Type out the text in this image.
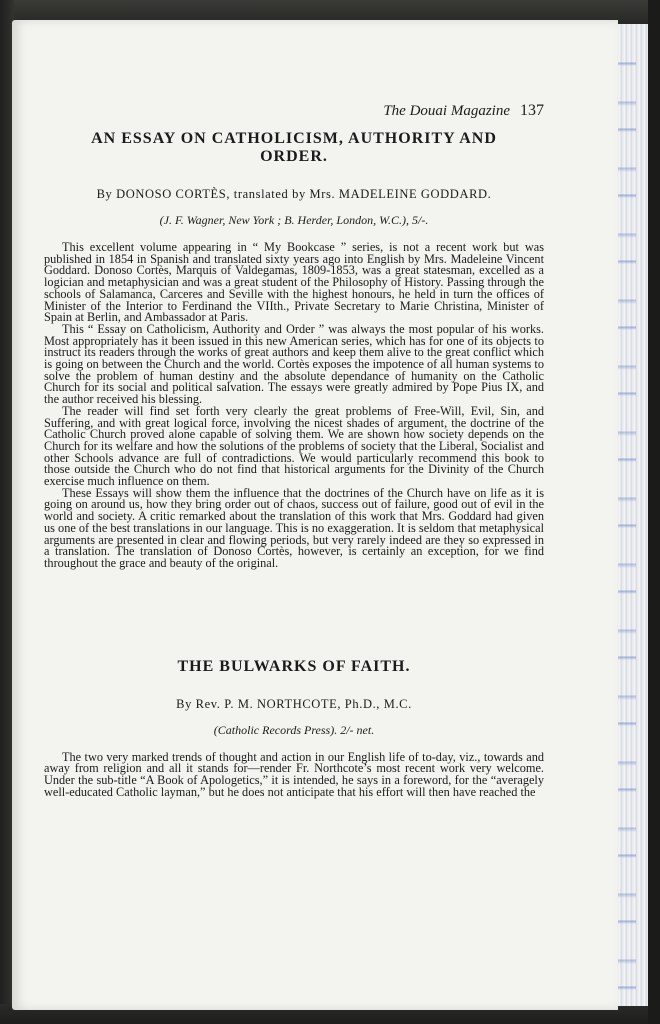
The Douai Magazine 137
AN ESSAY ON CATHOLICISM, AUTHORITY AND ORDER.
By DONOSO CORTÈS, translated by Mrs. MADELEINE GODDARD.
(J. F. Wagner, New York ; B. Herder, London, W.C.), 5/-.

This excellent volume appearing in “ My Bookcase ” series, is not a recent work but was published in 1854 in Spanish and translated sixty years ago into English by Mrs. Madeleine Vincent Goddard. Donoso Cortès, Marquis of Valdegamas, 1809-1853, was a great statesman, excelled as a logician and metaphysician and was a great student of the Philosophy of History. Passing through the schools of Salamanca, Carceres and Seville with the highest honours, he held in turn the offices of Minister of the Interior to Ferdinand the VIIth., Private Secretary to Marie Christina, Minister of Spain at Berlin, and Ambassador at Paris.

This “ Essay on Catholicism, Authority and Order ” was always the most popular of his works. Most appropriately has it been issued in this new American series, which has for one of its objects to instruct its readers through the works of great authors and keep them alive to the great conflict which is going on between the Church and the world. Cortès exposes the impotence of all human systems to solve the problem of human destiny and the absolute dependance of humanity on the Catholic Church for its social and political salvation. The essays were greatly admired by Pope Pius IX, and the author received his blessing.

The reader will find set forth very clearly the great problems of Free-Will, Evil, Sin, and Suffering, and with great logical force, involving the nicest shades of argument, the doctrine of the Catholic Church proved alone capable of solving them. We are shown how society depends on the Church for its welfare and how the solutions of the problems of society that the Liberal, Socialist and other Schools advance are full of contradictions. We would particularly recommend this book to those outside the Church who do not find that historical arguments for the Divinity of the Church exercise much influence on them.

These Essays will show them the influence that the doctrines of the Church have on life as it is going on around us, how they bring order out of chaos, success out of failure, good out of evil in the world and society. A critic remarked about the translation of this work that Mrs. Goddard had given us one of the best translations in our language. This is no exaggeration. It is seldom that metaphysical arguments are presented in clear and flowing periods, but very rarely indeed are they so expressed in a translation. The translation of Donoso Cortès, however, is certainly an exception, for we find throughout the grace and beauty of the original.

THE BULWARKS OF FAITH.
By Rev. P. M. NORTHCOTE, Ph.D., M.C.
(Catholic Records Press). 2/- net.

The two very marked trends of thought and action in our English life of to-day, viz., towards and away from religion and all it stands for—render Fr. Northcote’s most recent work very welcome. Under the sub-title “A Book of Apologetics,” it is intended, he says in a foreword, for the “averagely well-educated Catholic layman,” but he does not anticipate that his effort will then have reached the
